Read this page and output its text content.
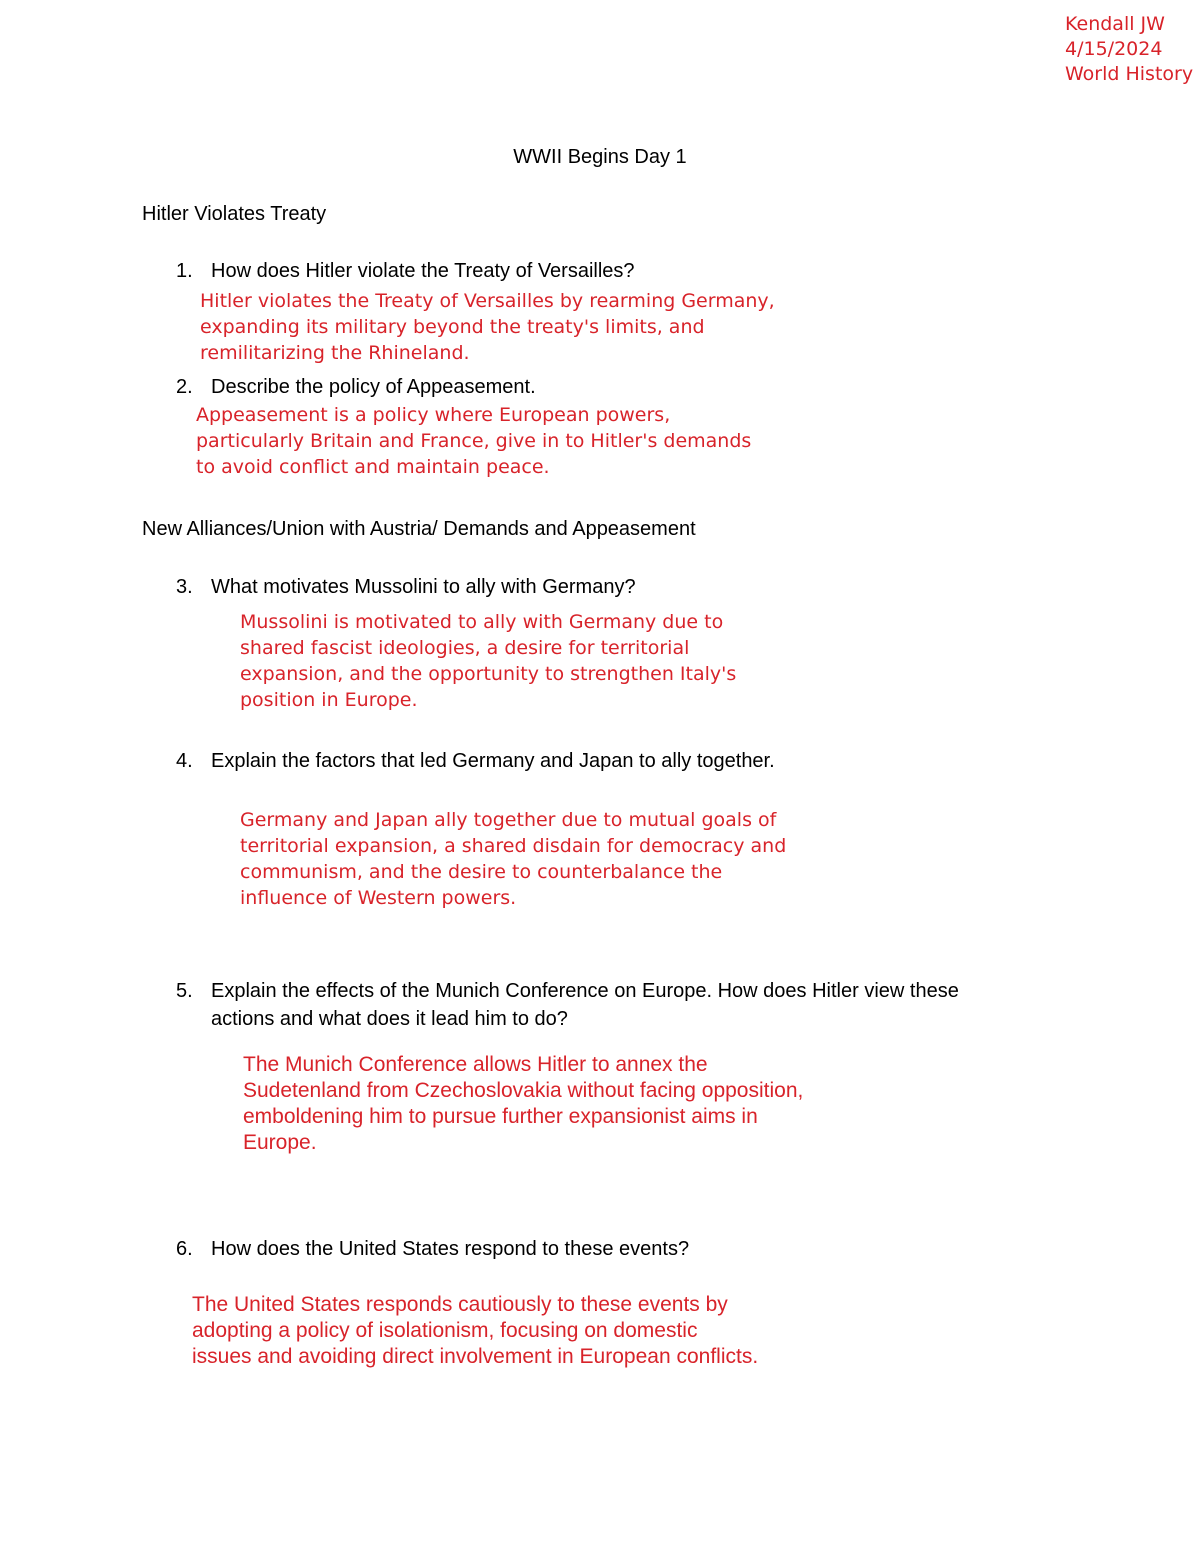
Kendall JW
4/15/2024
World History
WWII Begins Day 1
Hitler Violates Treaty
1. How does Hitler violate the Treaty of Versailles?
Hitler violates the Treaty of Versailles by rearming Germany,
expanding its military beyond the treaty's limits, and
remilitarizing the Rhineland.
2. Describe the policy of Appeasement.
Appeasement is a policy where European powers,
particularly Britain and France, give in to Hitler's demands
to avoid conflict and maintain peace.
New Alliances/Union with Austria/ Demands and Appeasement
3. What motivates Mussolini to ally with Germany?
Mussolini is motivated to ally with Germany due to
shared fascist ideologies, a desire for territorial
expansion, and the opportunity to strengthen Italy's
position in Europe.
4. Explain the factors that led Germany and Japan to ally together.
Germany and Japan ally together due to mutual goals of
territorial expansion, a shared disdain for democracy and
communism, and the desire to counterbalance the
influence of Western powers.
5. Explain the effects of the Munich Conference on Europe. How does Hitler view these
actions and what does it lead him to do?
The Munich Conference allows Hitler to annex the
Sudetenland from Czechoslovakia without facing opposition,
emboldening him to pursue further expansionist aims in
Europe.
6. How does the United States respond to these events?
The United States responds cautiously to these events by
adopting a policy of isolationism, focusing on domestic
issues and avoiding direct involvement in European conflicts.
